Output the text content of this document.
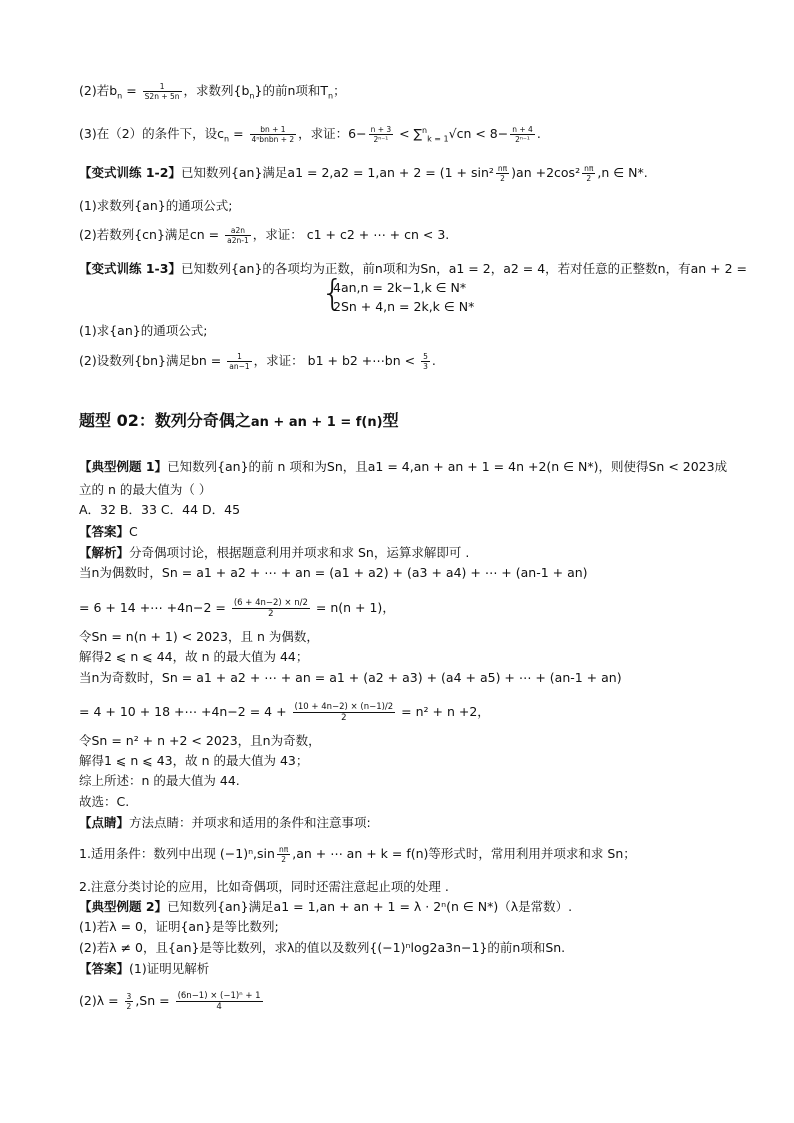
(2)若$b_n = \frac{1}{S2n + 5n}$ ，求数列$\{b_n\}$的前n项和$T_n$；
(3)在（2）的条件下，设$c_n = \frac{bn + 1}{\text{4ⁿbnbn + 2}}$ ，求证：$6- \frac{n + 3}{\text{2ⁿ⁻¹}} < \sum^n_{k = 1}√cn < 8- \frac{n + 4}{\text{2ⁿ⁻¹}}$ .
【变式训练 1-2】已知数列{an}满足$a1 = 2,a2 = 1,an + 2 = (1 + \sin^2 \frac{n\pi}{2} )an +2\cos^2 \frac{n\pi}{2} ,n$ ∈ N*.
(1)求数列{an}的通项公式;
(2)若数列{cn}满足cn = $\frac{a2n}{a2n-1}$ ，求证： c1 + c2 + ⋯ + cn < 3.
【变式训练 1-3】已知数列{an}的各项均为正数，前n项和为Sn，a1 = 2，a2 = 4，若对任意的正整数n，有an + 2 =
{
4an,n = 2k−1,k ∈ N*
2Sn + 4,n = 2k,k ∈ N*
(1)求{an}的通项公式;
(2)设数列{bn}满足bn = $\frac{1}{an-1}$ ，求证： b1 + b2 +⋯bn < $\frac{5}{3}$ .
题型 02：数列分奇偶之an + an + 1 = f(n)型
【典型例题 1】已知数列{an}的前 n 项和为Sn，且a1 = 4,an + an + 1 = 4n +2(n ∈ N*)，则使得Sn < 2023成
立的 n 的最大值为（ ）
A．32 B．33 C．44 D．45
【答案】C
【解析】分奇偶项讨论，根据题意利用并项求和求 Sn，运算求解即可 .
当n为偶数时，Sn = a1 + a2 + ⋯ + an = (a1 + a2) + (a3 + a4) + ⋯ + (an-1 + an)
= 6 + 14 +⋯ $+4n-2 = \frac{(6 + 4n-2) \times n/2}{2} = n(n + 1)$，
令Sn = n(n + 1) < 2023，且 n 为偶数，
解得2 ⩽ n ⩽ 44，故 n 的最大值为 44；
当n为奇数时，Sn = a1 + a2 + ⋯ + an = a1 + (a2 + a3) + (a4 + a5) + ⋯ + (an-1 + an)
= 4 + 10 + 18 +⋯ $+4n-2 = 4 + \frac{(10 + 4n-2) \times (n-1)/2}{2} = n^2 + n +2$，
令Sn = n² + n +2 < 2023，且n为奇数，
解得1 ⩽ n ⩽ 43，故 n 的最大值为 43；
综上所述：n 的最大值为 44.
故选：C.
【点睛】方法点睛：并项求和适用的条件和注意事项:
1.适用条件：数列中出现 $(-1)^n,\sin \frac{n\pi}{2} ,an$ + ⋯ an + k = f(n)等形式时，常用利用并项求和求 Sn；
2.注意分类讨论的应用，比如奇偶项，同时还需注意起止项的处理 .
【典型例题 2】已知数列{an}满足a1 = 1,an + an + 1 = λ · 2ⁿ(n ∈ N*)（λ是常数）.
(1)若λ = 0，证明{an}是等比数列;
(2)若λ ≠ 0，且{an}是等比数列，求λ的值以及数列{(−1)ⁿlog2a3n−1}的前n项和Sn.
【答案】(1)证明见解析
$(2)\lambda = \frac{3}{2} ,Sn = \frac{\text{(6n−1) × (−1)ⁿ + 1}}{4}$
